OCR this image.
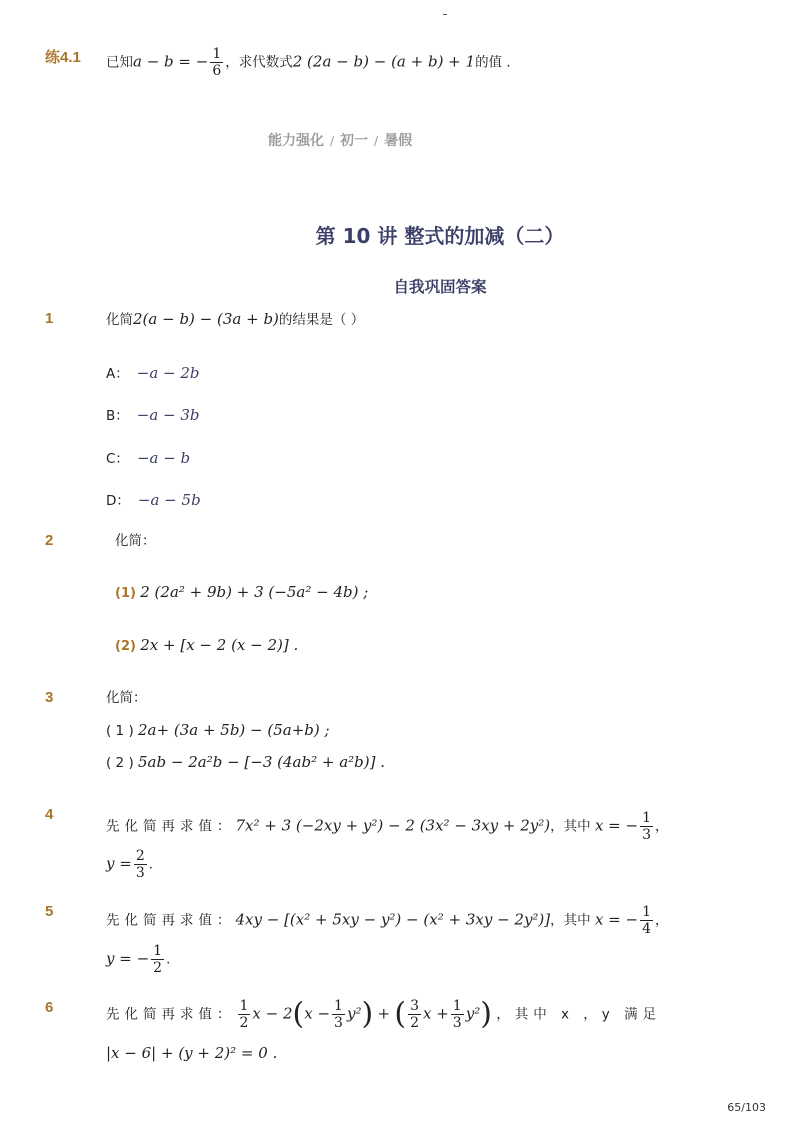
练4.1 已知a − b = − $\frac{1}{6}$ ，求代数式2 (2a − b) − (a + b) + 1的值 .
能力强化 / 初一 / 暑假
第 10 讲 整式的加减（二）
自我巩固答案
1	化简2(a − b) − (3a + b)的结果是（ ）
A： −a − 2b
B： −a − 3b
C： −a − b
D： −a − 5b
2	化简：
(1) 2 (2a² + 9b) + 3 (−5a² − 4b) ;
(2) 2x + [x − 2 (x − 2)] .
3	化简：
( 1 ) 2a+ (3a + 5b) − (5a+b) ;
( 2 ) 5ab − 2a²b − [−3 (4ab² + a²b)] .
4
先化简再求值：7x² + 3 (−2xy + y²) − 2 (3x² − 3xy + 2y²)，其中 x = − $\frac{1}{3}$ ，
$y = \frac{2}{3}$ .
5
先化简再求值：4xy − [(x² + 5xy − y²) − (x² + 3xy − 2y²)]，其中 x = − $\frac{1}{4}$ ，
y = − $\frac{1}{2}$ .
6	先化简再求值： $\frac{1}{2}$ $x - 2(x - \frac{1}{3} y^2)$ + ( $\frac{3}{2}$ $x + \frac{1}{3} y^2$) ，其中 x ，y 满足
|x − 6| + (y + 2)² = 0 .
65/103
